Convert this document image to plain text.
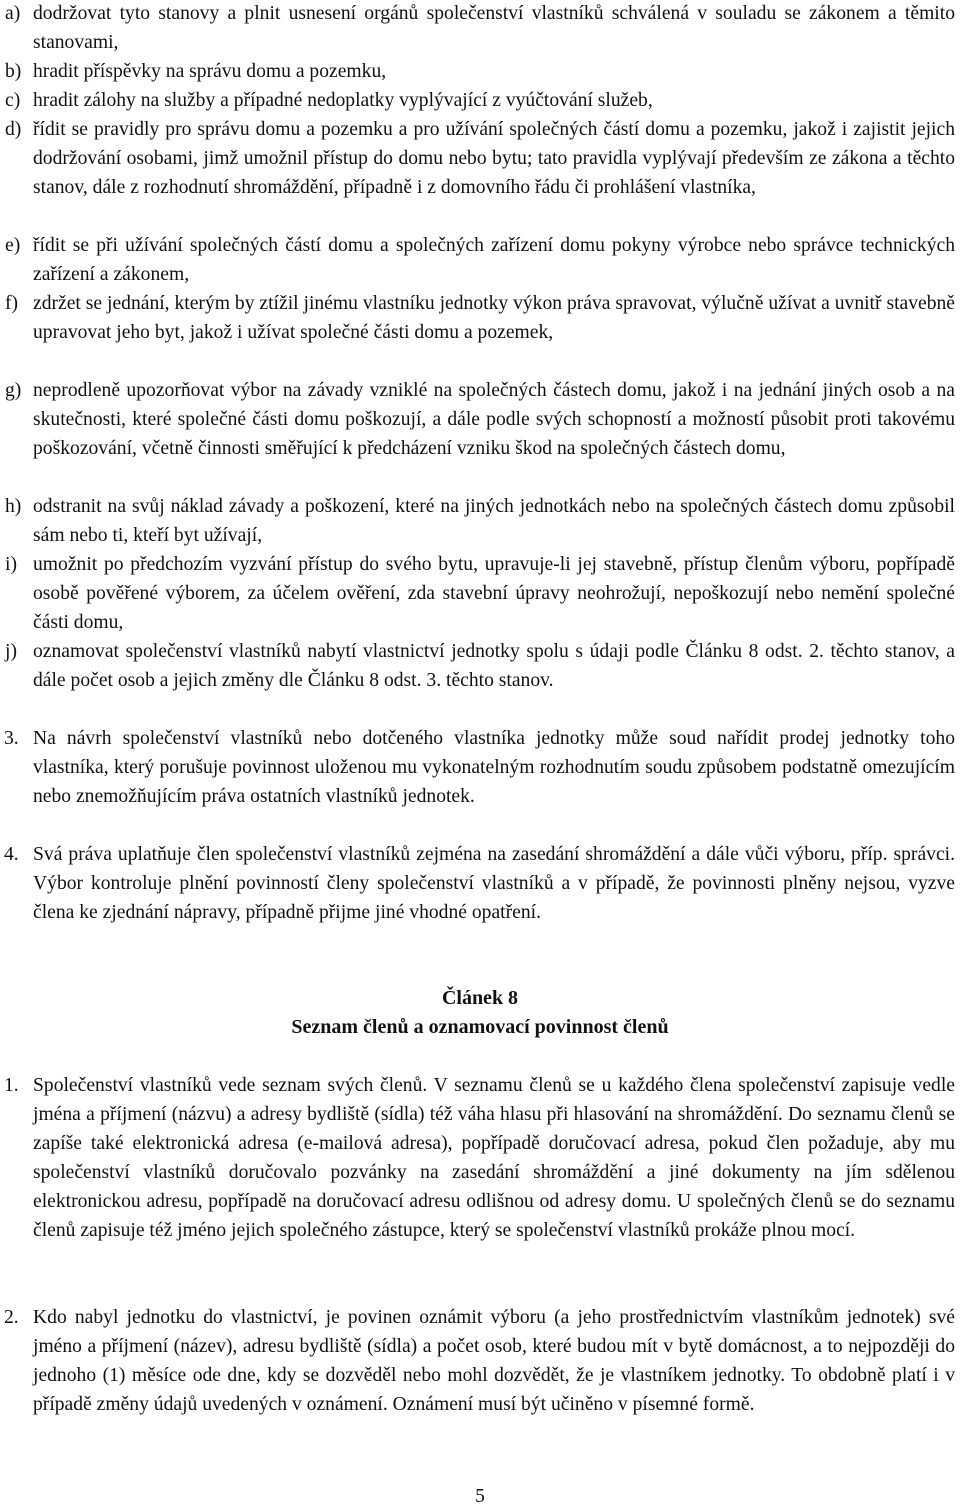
a) dodržovat tyto stanovy a plnit usnesení orgánů společenství vlastníků schválená v souladu se zákonem a těmito stanovami,
b) hradit příspěvky na správu domu a pozemku,
c) hradit zálohy na služby a případné nedoplatky vyplývající z vyúčtování služeb,
d) řídit se pravidly pro správu domu a pozemku a pro užívání společných částí domu a pozemku, jakož i zajistit jejich dodržování osobami, jimž umožnil přístup do domu nebo bytu; tato pravidla vyplývají především ze zákona a těchto stanov, dále z rozhodnutí shromáždění, případně i z domovního řádu či prohlášení vlastníka,
e) řídit se při užívání společných částí domu a společných zařízení domu pokyny výrobce nebo správce technických zařízení a zákonem,
f) zdržet se jednání, kterým by ztížil jinému vlastníku jednotky výkon práva spravovat, výlučně užívat a uvnitř stavebně upravovat jeho byt, jakož i užívat společné části domu a pozemek,
g) neprodleně upozorňovat výbor na závady vzniklé na společných částech domu, jakož i na jednání jiných osob a na skutečnosti, které společné části domu poškozují, a dále podle svých schopností a možností působit proti takovému poškozování, včetně činnosti směřující k předcházení vzniku škod na společných částech domu,
h) odstranit na svůj náklad závady a poškození, které na jiných jednotkách nebo na společných částech domu způsobil sám nebo ti, kteří byt užívají,
i) umožnit po předchozím vyzvání přístup do svého bytu, upravuje-li jej stavebně, přístup členům výboru, popřípadě osobě pověřené výborem, za účelem ověření, zda stavební úpravy neohrožují, nepoškozují nebo nemění společné části domu,
j) oznamovat společenství vlastníků nabytí vlastnictví jednotky spolu s údaji podle Článku 8 odst. 2. těchto stanov, a dále počet osob a jejich změny dle Článku 8 odst. 3. těchto stanov.
3. Na návrh společenství vlastníků nebo dotčeného vlastníka jednotky může soud nařídit prodej jednotky toho vlastníka, který porušuje povinnost uloženou mu vykonatelným rozhodnutím soudu způsobem podstatně omezujícím nebo znemožňujícím práva ostatních vlastníků jednotek.
4. Svá práva uplatňuje člen společenství vlastníků zejména na zasedání shromáždění a dále vůči výboru, příp. správci. Výbor kontroluje plnění povinností členy společenství vlastníků a v případě, že povinnosti plněny nejsou, vyzve člena ke zjednání nápravy, případně přijme jiné vhodné opatření.
Článek 8
Seznam členů a oznamovací povinnost členů
1. Společenství vlastníků vede seznam svých členů. V seznamu členů se u každého člena společenství zapisuje vedle jména a příjmení (názvu) a adresy bydliště (sídla) též váha hlasu při hlasování na shromáždění. Do seznamu členů se zapíše také elektronická adresa (e-mailová adresa), popřípadě doručovací adresa, pokud člen požaduje, aby mu společenství vlastníků doručovalo pozvánky na zasedání shromáždění a jiné dokumenty na jím sdělenou elektronickou adresu, popřípadě na doručovací adresu odlišnou od adresy domu. U společných členů se do seznamu členů zapisuje též jméno jejich společného zástupce, který se společenství vlastníků prokáže plnou mocí.
2. Kdo nabyl jednotku do vlastnictví, je povinen oznámit výboru (a jeho prostřednictvím vlastníkům jednotek) své jméno a příjmení (název), adresu bydliště (sídla) a počet osob, které budou mít v bytě domácnost, a to nejpozději do jednoho (1) měsíce ode dne, kdy se dozvěděl nebo mohl dozvědět, že je vlastníkem jednotky. To obdobně platí i v případě změny údajů uvedených v oznámení. Oznámení musí být učiněno v písemné formě.
5
